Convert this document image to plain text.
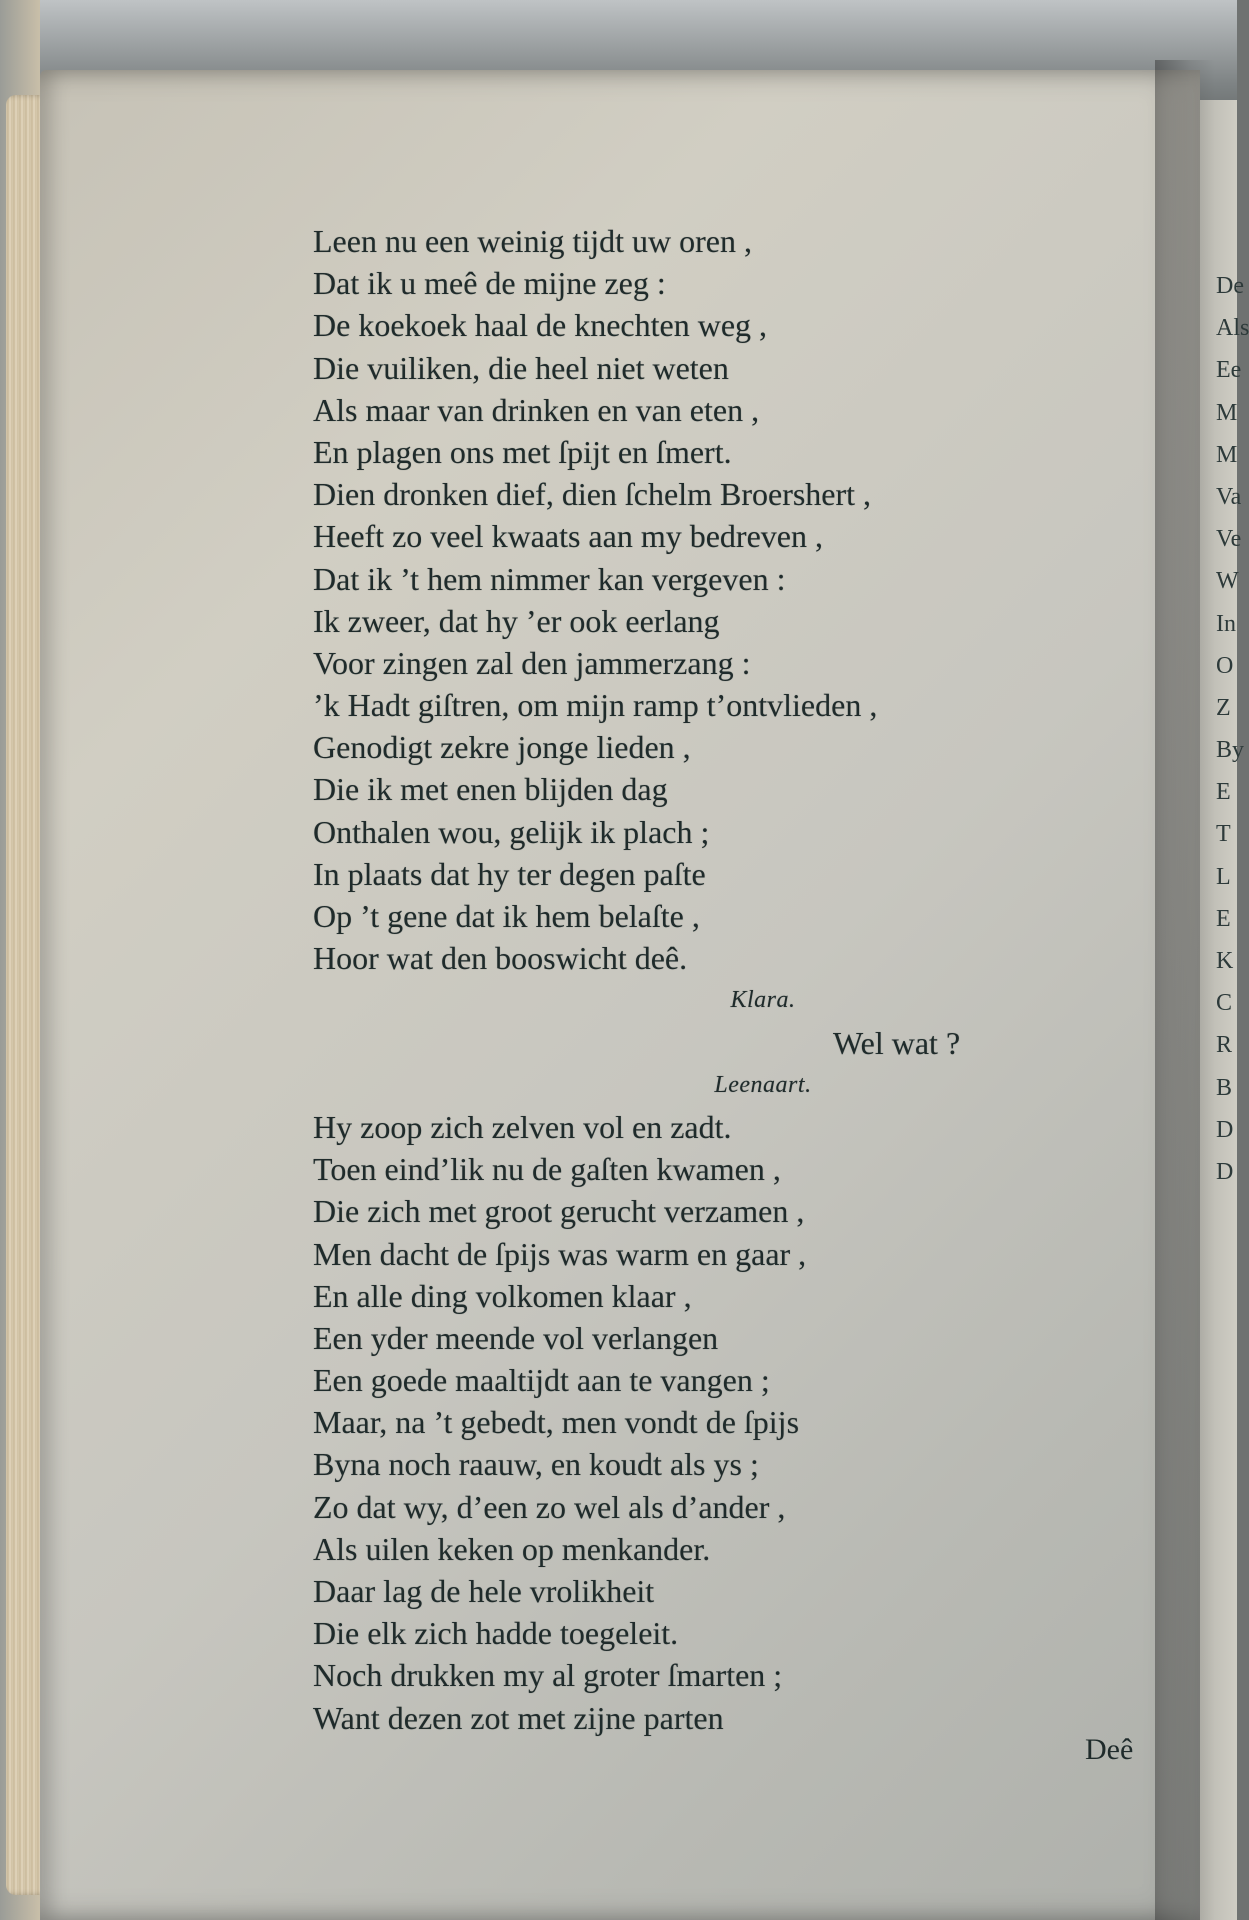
De
Als
Ee
M
M
Va
Ve
W
In
O
Z
By
E
T
L
E
K
C
R
B
D
D
Leen nu een weinig tijdt uw oren ,
Dat ik u meê de mijne zeg :
De koekoek haal de knechten weg ,
Die vuiliken, die heel niet weten
Als maar van drinken en van eten ,
En plagen ons met ſpijt en ſmert.
Dien dronken dief, dien ſchelm Broershert ,
Heeft zo veel kwaats aan my bedreven ,
Dat ik ’t hem nimmer kan vergeven :
Ik zweer, dat hy ’er ook eerlang
Voor zingen zal den jammerzang :
’k Hadt giſtren, om mijn ramp t’ontvlieden ,
Genodigt zekre jonge lieden ,
Die ik met enen blijden dag
Onthalen wou, gelijk ik plach ;
In plaats dat hy ter degen paſte
Op ’t gene dat ik hem belaſte ,
Hoor wat den booswicht deê.
Klara.
Wel wat ?
Leenaart.
Hy zoop zich zelven vol en zadt.
Toen eind’lik nu de gaſten kwamen ,
Die zich met groot gerucht verzamen ,
Men dacht de ſpijs was warm en gaar ,
En alle ding volkomen klaar ,
Een yder meende vol verlangen
Een goede maaltijdt aan te vangen ;
Maar, na ’t gebedt, men vondt de ſpijs
Byna noch raauw, en koudt als ys ;
Zo dat wy, d’een zo wel als d’ander ,
Als uilen keken op menkander.
Daar lag de hele vrolikheit
Die elk zich hadde toegeleit.
Noch drukken my al groter ſmarten ;
Want dezen zot met zijne parten
Deê
